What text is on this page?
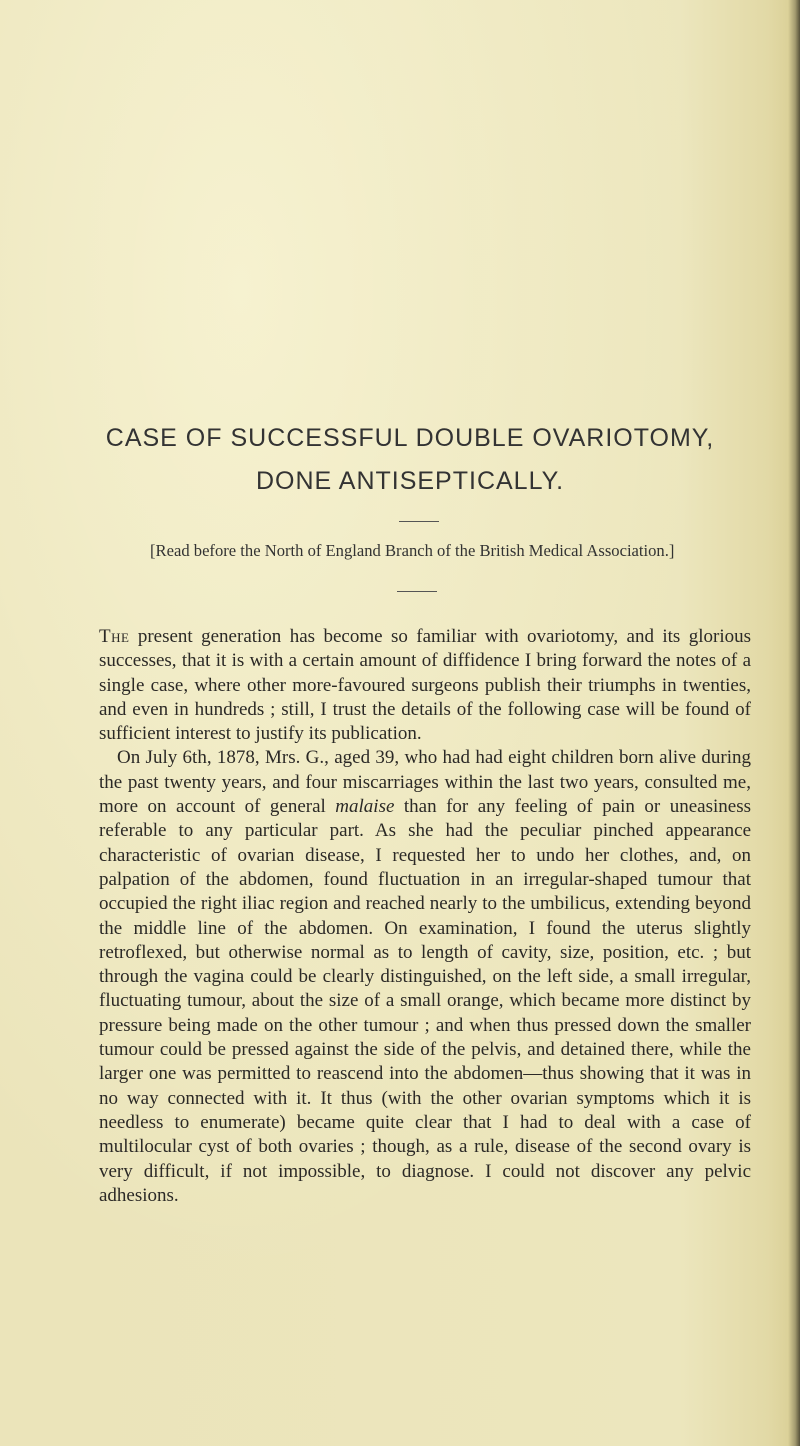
CASE OF SUCCESSFUL DOUBLE OVARIOTOMY,
DONE ANTISEPTICALLY.

[Read before the North of England Branch of the British Medical Association.]

The present generation has become so familiar with ovariotomy, and its glorious successes, that it is with a certain amount of diffidence I bring forward the notes of a single case, where other more-favoured surgeons publish their triumphs in twenties, and even in hundreds ; still, I trust the details of the following case will be found of sufficient interest to justify its publication.

On July 6th, 1878, Mrs. G., aged 39, who had had eight children born alive during the past twenty years, and four miscarriages within the last two years, consulted me, more on account of general malaise than for any feeling of pain or uneasiness referable to any particular part. As she had the peculiar pinched appearance characteristic of ovarian disease, I requested her to undo her clothes, and, on palpation of the abdomen, found fluctuation in an irregular-shaped tumour that occupied the right iliac region and reached nearly to the umbilicus, extending beyond the middle line of the abdomen. On examination, I found the uterus slightly retroflexed, but otherwise normal as to length of cavity, size, position, etc. ; but through the vagina could be clearly distinguished, on the left side, a small irregular, fluctuating tumour, about the size of a small orange, which became more distinct by pressure being made on the other tumour ; and when thus pressed down the smaller tumour could be pressed against the side of the pelvis, and detained there, while the larger one was permitted to reascend into the abdomen—thus showing that it was in no way connected with it. It thus (with the other ovarian symptoms which it is needless to enumerate) became quite clear that I had to deal with a case of multilocular cyst of both ovaries ; though, as a rule, disease of the second ovary is very difficult, if not impossible, to diagnose. I could not discover any pelvic adhesions.
